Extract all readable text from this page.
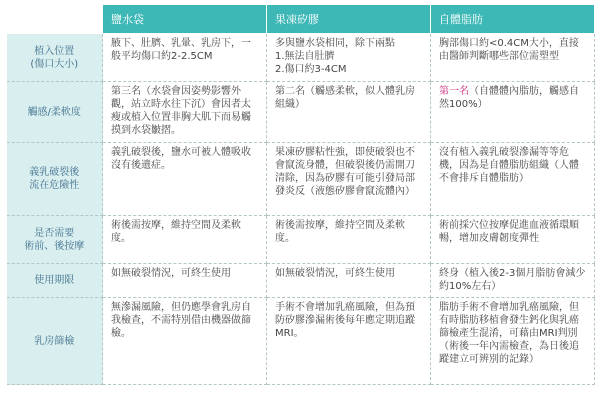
	鹽水袋	果凍矽膠	自體脂肪
植入位置
(傷口大小)	腋下、肚臍、乳暈、乳房下，一般平均傷口約2-2.5CM	多與鹽水袋相同，除下兩點
1.無法自肚臍
2.傷口約3-4CM	胸部傷口約<0.4CM大小，直接由醫師判斷哪些部位需塑型
觸感/柔軟度	第三名（水袋會因姿勢影響外觀，站立時水往下沉）會因者太瘦或植入位置非胸大肌下而易觸摸到水袋皺摺。	第二名（觸感柔軟，似人體乳房組織）	第一名（自體體內脂肪，觸感自然100%）
義乳破裂後
流在危險性	義乳破裂後，鹽水可被人體吸收沒有後遺症。	果凍矽膠粘性強，即使破裂也不會竄流身體，但破裂後仍需開刀清除，因為矽膠有可能引發局部發炎反（液態矽膠會竄流體內）	沒有植入義乳破裂滲漏等等危機，因為是自體脂肪組織（人體不會排斥自體脂肪）
是否需要
術前、後按摩	術後需按摩，維持空間及柔軟度。	術後需按摩，維持空間及柔軟度。	術前採穴位按摩促進血液循環順暢，增加皮膚韌度彈性
使用期限	如無破裂情況，可終生使用	如無破裂情況，可終生使用	終身（植入後2-3個月脂肪會減少約10%左右）
乳房篩檢	無滲漏風險，但仍應學會乳房自我檢查，不需特別借由機器做篩檢。	手術不會增加乳癌風險，但為預防矽膠滲漏術後每年應定期追蹤MRI。	脂肪手術不會增加乳癌風險，但有時脂肪移植會發生鈣化與乳癌篩檢產生混淆，可藉由MRI判別（術後一年內需檢查，為日後追蹤建立可辨別的記錄）
